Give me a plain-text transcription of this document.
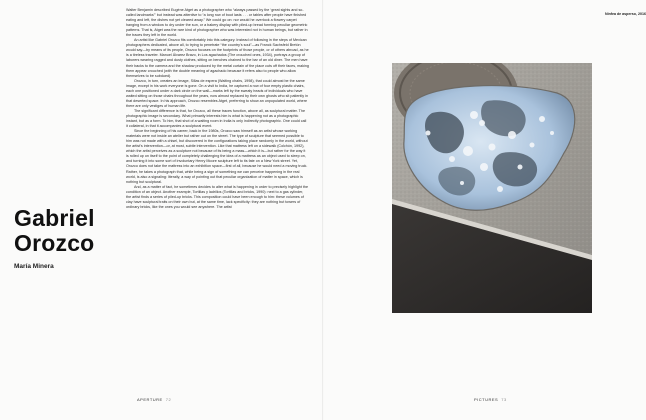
Gabriel
Orozco
María Minera

Walter Benjamin described Eugène Atget as a photographer who “always passed by the ‘great sights and so-called landmarks’” but instead was attentive to “a long row of boot lasts . . . or tables after people have finished eating and left, the dishes not yet cleared away.” We could go on: nor would he overlook a flowery carpet hanging from a window to dry under the sun, or a bakery display with piled-up bread forming peculiar geometric patterns. That is, Atget was the rare kind of photographer who was interested not in human beings, but rather in the traces they left in the world.

An artist like Gabriel Orozco fits comfortably into this category. Instead of following in the steps of Mexican photographers dedicated, above all, to trying to penetrate “the country’s soul”—as Franck Sachsfeld Bretón would say—by means of its people, Orozco focuses on the footprints of those people, or of others abroad, as he is a tireless traveler. Manuel Álvarez Bravo, in Los agachados (The crouched ones, 1934), portrays a group of laborers wearing ragged and dusty clothes, sitting on benches chained to the bar of an old diner. The men have their backs to the camera and the shadow produced by the metal curtain of the place cuts off their faces, making them appear crouched (with the double meaning of agachado because it refers also to people who allow themselves to be subdued).

Orozco, in turn, creates an image, Sillas de espera (Waiting chairs, 1998), that could almost be the same image, except in his work everyone is gone. On a visit to India, he captured a row of four empty plastic chairs, each one positioned under a dark circle on the wall—marks left by the sweaty heads of individuals who have waited sitting on those chairs throughout the years, now almost replaced by their own ghosts who sit patiently in that deserted space. In his approach, Orozco resembles Atget, preferring to show an unpopulated world, where there are only vestiges of human life.

The significant difference is that, for Orozco, all these traces function, above all, as sculptural matter. The photographic image is secondary. What primarily interests him is what is happening not as a photographic instant, but as a form. To him, that shot of a waiting room in India is only indirectly photographic. One could call it collateral, in that it accompanies a sculptural event.

Since the beginning of his career, back in the 1980s, Orozco saw himself as an artist whose working materials were not inside an atelier but rather out on the street. The type of sculpture that seemed possible to him was not made with a chisel, but discovered in the configurations taking place randomly in the world, without the artist’s intervention—or, at most, subtle intervention. Like that mattress left on a sidewalk (Colchón, 1992), which the artist perceives as a sculpture not because of its being a mass—which it is—but rather for the way it is rolled up on itself to the point of completely challenging the idea of a mattress as an object used to sleep on, and turning it into some sort of involuntary Henry Moore sculpture left to its fate on a New York street. Yet, Orozco does not take the mattress into an exhibition space—first of all, because he would need a moving truck. Rather, he takes a photograph that, while being a sign of something we can perceive happening in the real world, is also a signaling: literally, a way of pointing out that peculiar organization of matter in space, which is nothing but sculptural.

And, as a matter of fact, he sometimes decides to alter what is happening in order to precisely highlight the condition of an object. Another example, Tortillas y ladrillos (Tortillas and bricks, 1990): next to a gas cylinder, the artist finds a series of piled-up bricks. This composition could have been enough to him: these volumes of clay have sculptural traits on their own but, at the same time, lack specificity: they are nothing but towers of ordinary bricks, like the ones you would see anywhere. The artist

APERTURE 72
Ninfea de asperso, 2016
PICTURES 73
